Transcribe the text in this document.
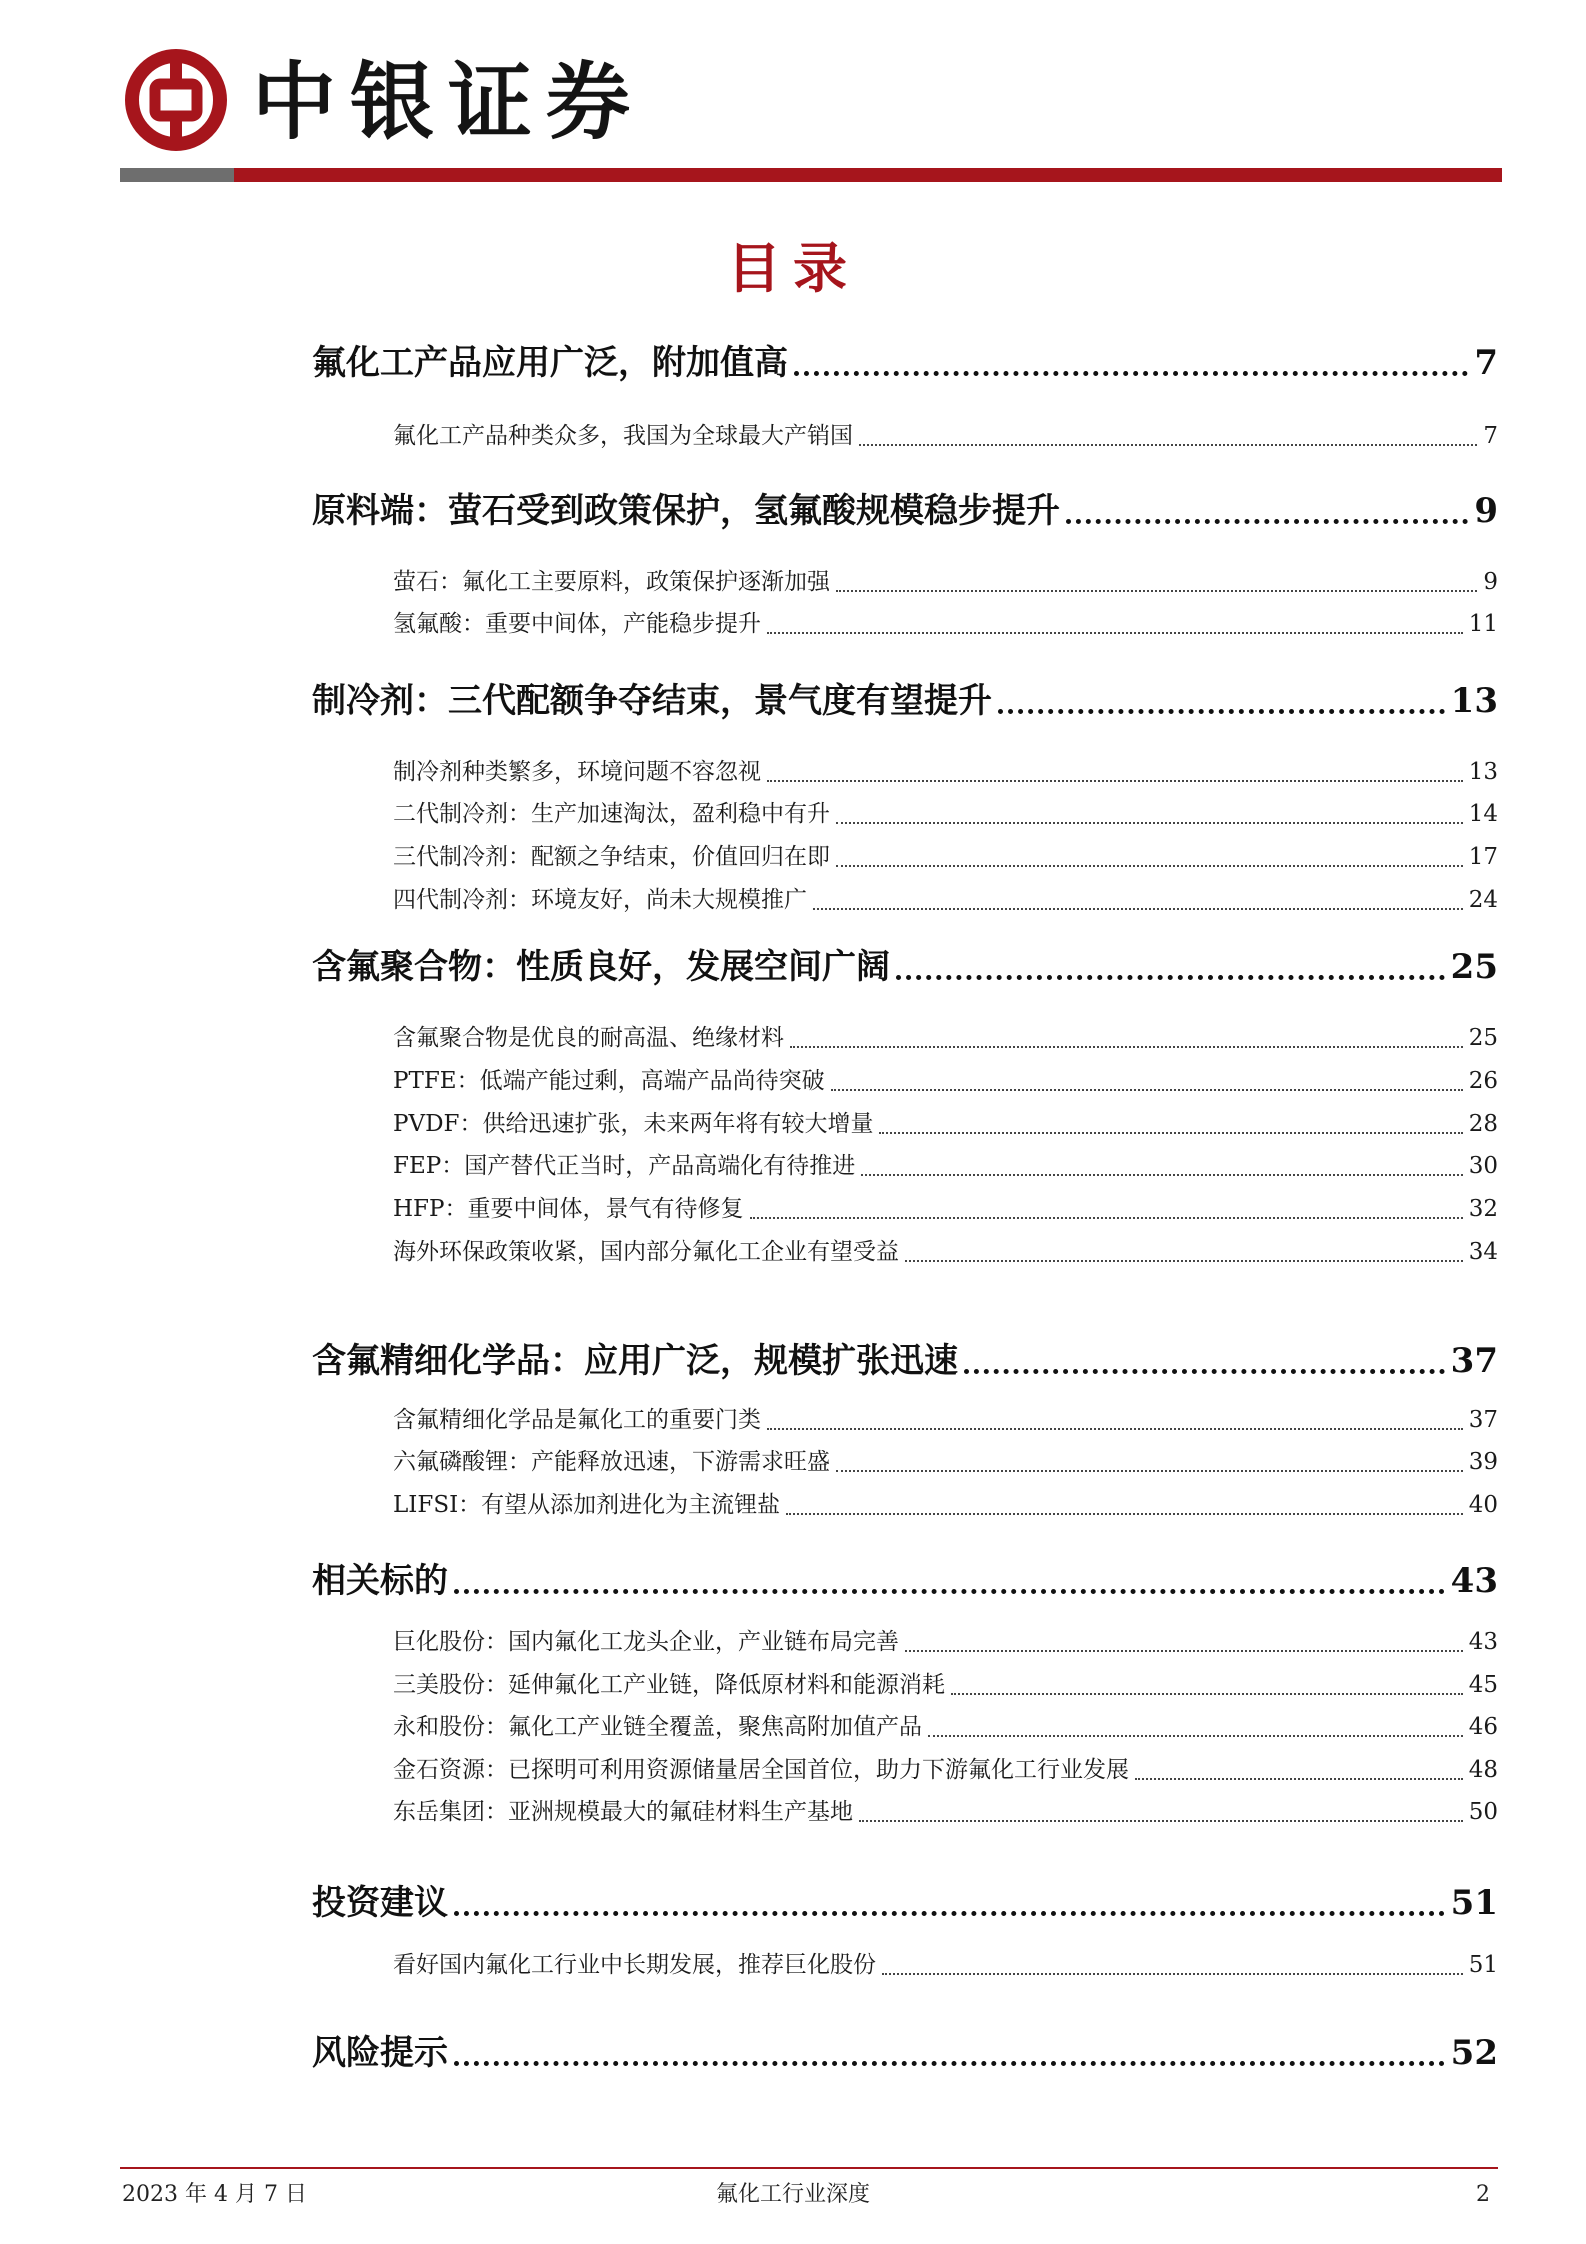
中银证券
目录
氟化工产品应用广泛，附加值高	7
氟化工产品种类众多，我国为全球最大产销国	7
原料端：萤石受到政策保护，氢氟酸规模稳步提升	9
萤石：氟化工主要原料，政策保护逐渐加强	9
氢氟酸：重要中间体，产能稳步提升	11
制冷剂：三代配额争夺结束，景气度有望提升	13
制冷剂种类繁多，环境问题不容忽视	13
二代制冷剂：生产加速淘汰，盈利稳中有升	14
三代制冷剂：配额之争结束，价值回归在即	17
四代制冷剂：环境友好，尚未大规模推广	24
含氟聚合物：性质良好，发展空间广阔	25
含氟聚合物是优良的耐高温、绝缘材料	25
PTFE：低端产能过剩，高端产品尚待突破	26
PVDF：供给迅速扩张，未来两年将有较大增量	28
FEP：国产替代正当时，产品高端化有待推进	30
HFP：重要中间体，景气有待修复	32
海外环保政策收紧，国内部分氟化工企业有望受益	34
含氟精细化学品：应用广泛，规模扩张迅速	37
含氟精细化学品是氟化工的重要门类	37
六氟磷酸锂：产能释放迅速，下游需求旺盛	39
LIFSI：有望从添加剂进化为主流锂盐	40
相关标的	43
巨化股份：国内氟化工龙头企业，产业链布局完善	43
三美股份：延伸氟化工产业链，降低原材料和能源消耗	45
永和股份：氟化工产业链全覆盖，聚焦高附加值产品	46
金石资源：已探明可利用资源储量居全国首位，助力下游氟化工行业发展	48
东岳集团：亚洲规模最大的氟硅材料生产基地	50
投资建议	51
看好国内氟化工行业中长期发展，推荐巨化股份	51
风险提示	52
2023 年 4 月 7 日	氟化工行业深度	2
